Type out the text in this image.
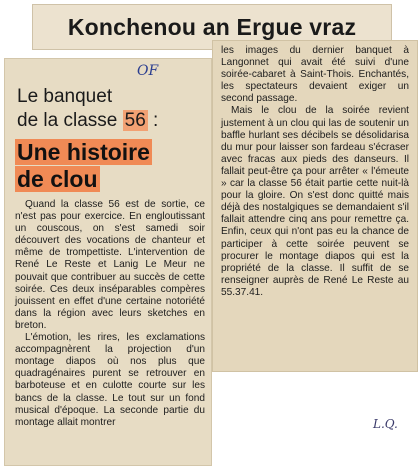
Konchenou an Ergue vraz

les images du dernier banquet à Langonnet qui avait été suivi d'une soirée-cabaret à Saint-Thois. Enchantés, les spectateurs devaient exiger un second passage.

Mais le clou de la soirée revient justement à un clou qui las de soutenir un baffle hurlant ses décibels se désolidarisa du mur pour laisser son fardeau s'écraser avec fracas aux pieds des danseurs. Il fallait peut-être ça pour arrêter « l'émeute » car la classe 56 était partie cette nuit-là pour la gloire. On s'est donc quitté mais déjà des nostalgiques se demandaient s'il fallait attendre cinq ans pour remettre ça. Enfin, ceux qui n'ont pas eu la chance de participer à cette soirée peuvent se procurer le montage diapos qui est la propriété de la classe. Il suffit de se renseigner auprès de René Le Reste au 55.37.41.

L.Q.
OF
Le banquet
de la classe 56 :
Une histoire
de clou

Quand la classe 56 est de sortie, ce n'est pas pour exercice. En engloutissant un couscous, on s'est samedi soir découvert des vocations de chanteur et même de trompettiste. L'intervention de René Le Reste et Lanig Le Meur ne pouvait que contribuer au succès de cette soirée. Ces deux inséparables compères jouissent en effet d'une certaine notoriété dans la région avec leurs sketches en breton.

L'émotion, les rires, les exclamations accompagnèrent la projection d'un montage diapos où nos plus que quadragénaires purent se retrouver en barboteuse et en culotte courte sur les bancs de la classe. Le tout sur un fond musical d'époque. La seconde partie du montage allait montrer
